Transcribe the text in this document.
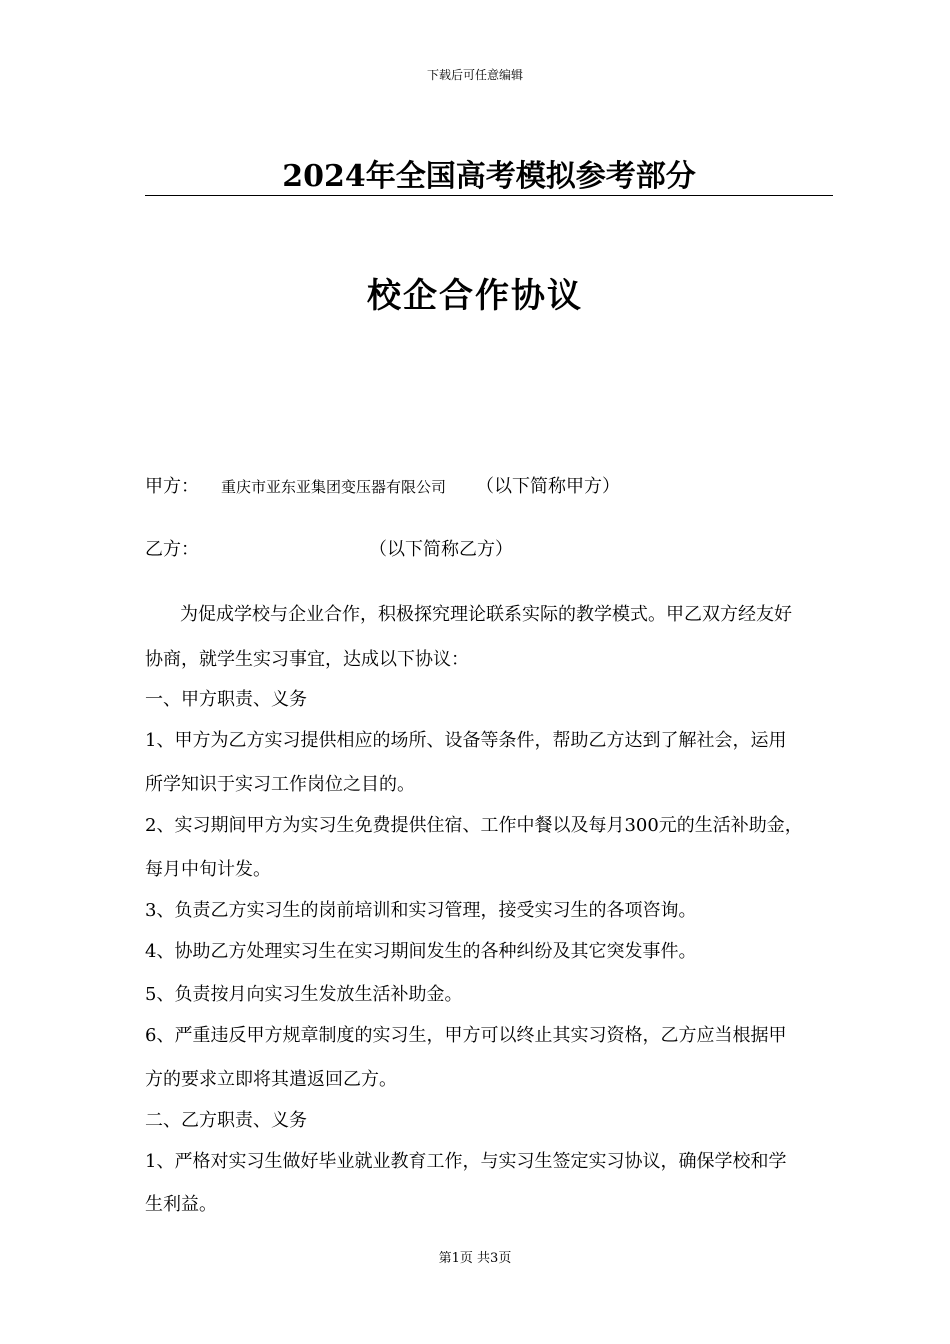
下载后可任意编辑
2024年全国高考模拟参考部分
校企合作协议
甲方： 重庆市亚东亚集团变压器有限公司 （以下简称甲方）
乙方：	（以下简称乙方）
为促成学校与企业合作，积极探究理论联系实际的教学模式。甲乙双方经友好
协商，就学生实习事宜，达成以下协议：
一、甲方职责、义务
1、甲方为乙方实习提供相应的场所、设备等条件，帮助乙方达到了解社会，运用
所学知识于实习工作岗位之目的。
2、实习期间甲方为实习生免费提供住宿、工作中餐以及每月300元的生活补助金，
每月中旬计发。
3、负责乙方实习生的岗前培训和实习管理，接受实习生的各项咨询。
4、协助乙方处理实习生在实习期间发生的各种纠纷及其它突发事件。
5、负责按月向实习生发放生活补助金。
6、严重违反甲方规章制度的实习生，甲方可以终止其实习资格，乙方应当根据甲
方的要求立即将其遣返回乙方。
二、乙方职责、义务
1、严格对实习生做好毕业就业教育工作，与实习生签定实习协议，确保学校和学
生利益。
第1页 共3页
